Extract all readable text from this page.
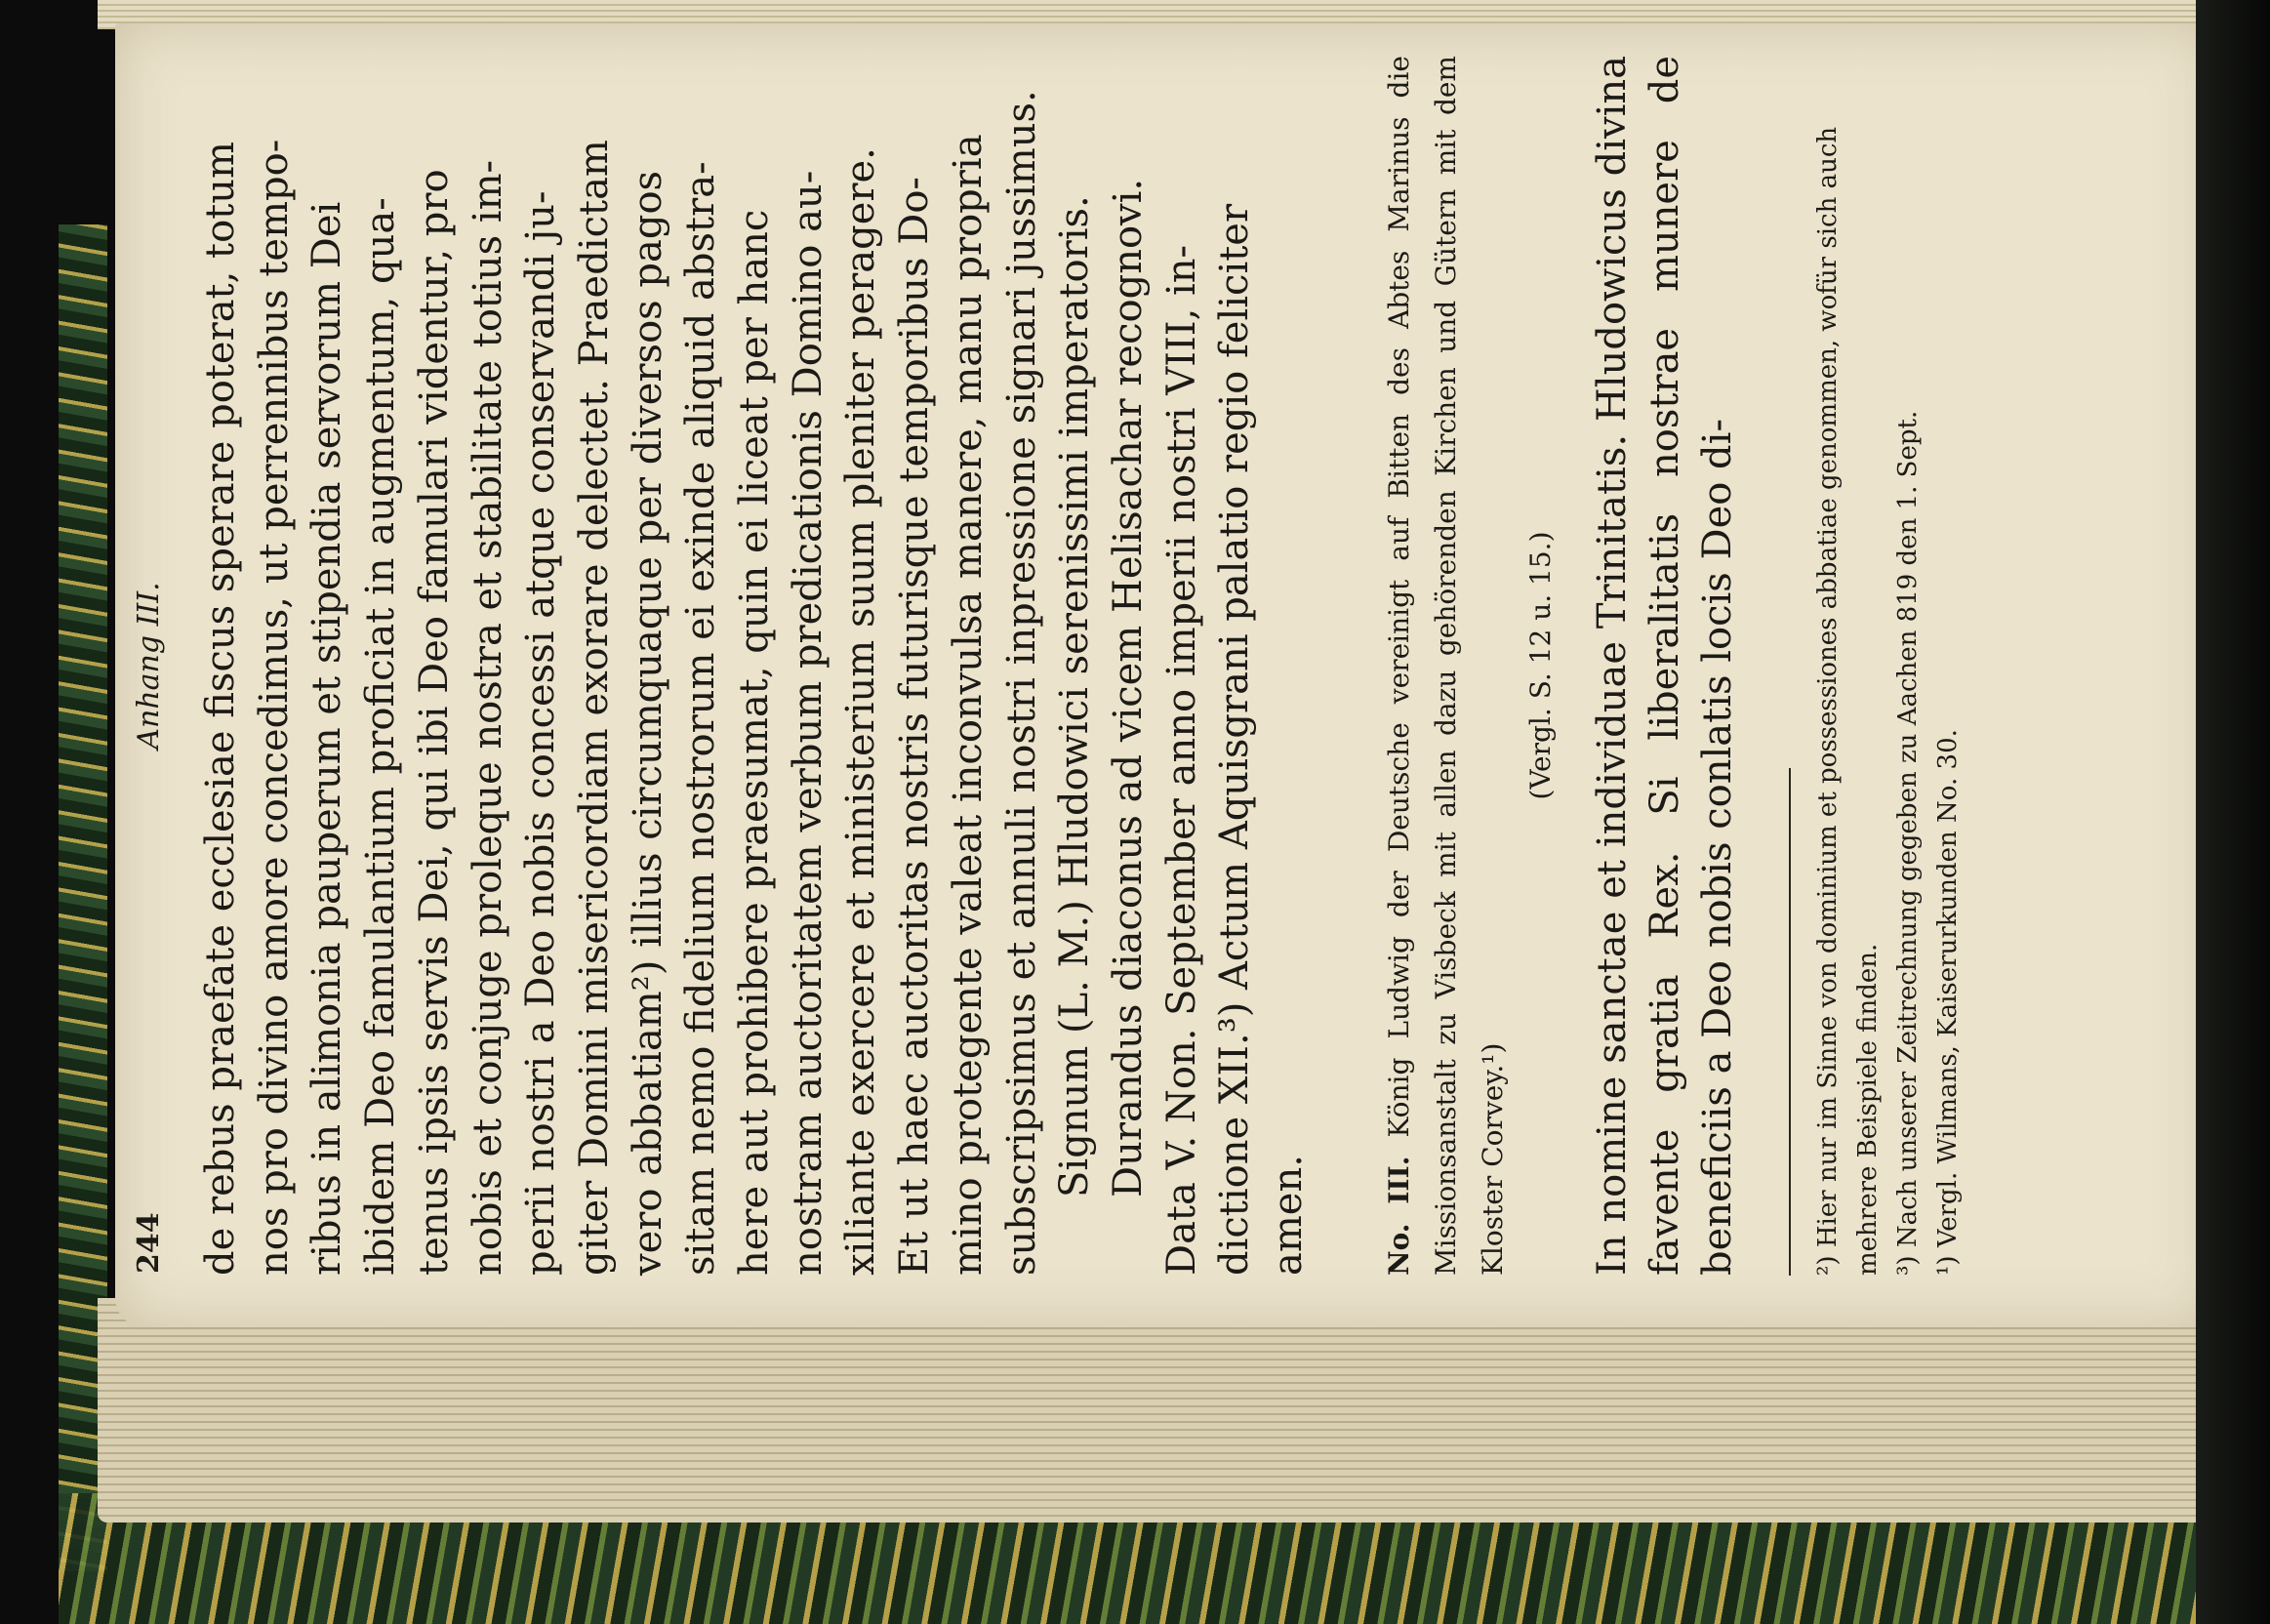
244
Anhang III. de rebus praefate ecclesiae fiscus sperare poterat, totum nos pro divino amore concedimus, ut perrennibus tempo- ribus in alimonia pauperum et stipendia servorum Dei ibidem Deo famulantium proficiat in augmentum, qua- tenus ipsis servis Dei, qui ibi Deo famulari videntur, pro nobis et conjuge proleque nostra et stabilitate totius im- perii nostri a Deo nobis concessi atque conservandi ju- giter Domini misericordiam exorare delectet. Praedictam vero abbatiam²) illius circumquaque per diversos pagos sitam nemo fidelium nostrorum ei exinde aliquid abstra- here aut prohibere praesumat, quin ei liceat per hanc nostram auctoritatem verbum predicationis Domino au- xiliante exercere et ministerium suum pleniter peragere. Et ut haec auctoritas nostris futurisque temporibus Do- mino protegente valeat inconvulsa manere, manu propria subscripsimus et annuli nostri inpressione signari jussimus. Signum (L. M.) Hludowici serenissimi imperatoris. Durandus diaconus ad vicem Helisachar recognovi. Data V. Non. September anno imperii nostri VIII, in- dictione XII.³) Actum Aquisgrani palatio regio feliciter amen.	No. III. König Ludwig der Deutsche vereinigt auf Bitten des Abtes Marinus die Missionsanstalt zu Visbeck mit allen dazu gehörenden Kirchen und Gütern mit dem Kloster Corvey.¹)
(Vergl. S. 12 u. 15.) In nomine sanctae et individuae Trinitatis. Hludowicus divina favente gratia Rex. Si liberalitatis nostrae munere de beneficiis a Deo nobis conlatis locis Deo di-	²) Hier nur im Sinne von dominium et possessiones abbatiae genommen, wofür sich auch mehrere Beispiele finden. ³) Nach unserer Zeitrechnung gegeben zu Aachen 819 den 1. Sept. ¹) Vergl. Wilmans, Kaiserurkunden No. 30.
